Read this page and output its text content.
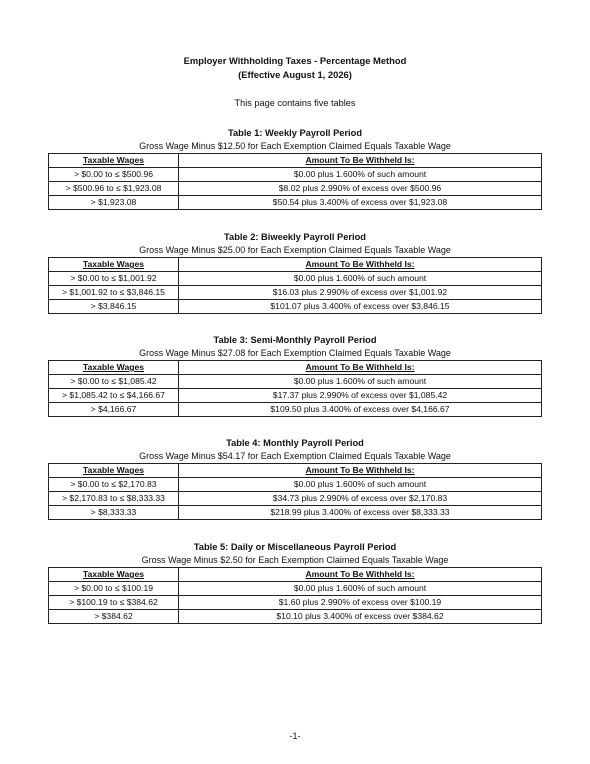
Employer Withholding Taxes - Percentage Method
(Effective August 1, 2026)
This page contains five tables
Table 1: Weekly Payroll Period
Gross Wage Minus $12.50 for Each Exemption Claimed Equals Taxable Wage
Taxable Wages	Amount To Be Withheld Is:
> $0.00 to ≤ $500.96	$0.00 plus 1.600% of such amount
> $500.96 to ≤ $1,923.08	$8.02 plus 2.990% of excess over $500.96
> $1,923.08	$50.54 plus 3.400% of excess over $1,923.08
Table 2: Biweekly Payroll Period
Gross Wage Minus $25.00 for Each Exemption Claimed Equals Taxable Wage
Taxable Wages	Amount To Be Withheld Is:
> $0.00 to ≤ $1,001.92	$0.00 plus 1.600% of such amount
> $1,001.92 to ≤ $3,846.15	$16.03 plus 2.990% of excess over $1,001.92
> $3,846.15	$101.07 plus 3.400% of excess over $3,846.15
Table 3: Semi-Monthly Payroll Period
Gross Wage Minus $27.08 for Each Exemption Claimed Equals Taxable Wage
Taxable Wages	Amount To Be Withheld Is:
> $0.00 to ≤ $1,085.42	$0.00 plus 1.600% of such amount
> $1,085.42 to ≤ $4,166.67	$17.37 plus 2.990% of excess over $1,085.42
> $4,166.67	$109.50 plus 3.400% of excess over $4,166.67
Table 4: Monthly Payroll Period
Gross Wage Minus $54.17 for Each Exemption Claimed Equals Taxable Wage
Taxable Wages	Amount To Be Withheld Is:
> $0.00 to ≤ $2,170.83	$0.00 plus 1.600% of such amount
> $2,170.83 to ≤ $8,333.33	$34.73 plus 2.990% of excess over $2,170.83
> $8,333.33	$218.99 plus 3.400% of excess over $8,333.33
Table 5: Daily or Miscellaneous Payroll Period
Gross Wage Minus $2.50 for Each Exemption Claimed Equals Taxable Wage
Taxable Wages	Amount To Be Withheld Is:
> $0.00 to ≤ $100.19	$0.00 plus 1.600% of such amount
> $100.19 to ≤ $384.62	$1.60 plus 2.990% of excess over $100.19
> $384.62	$10.10 plus 3.400% of excess over $384.62
-1-
